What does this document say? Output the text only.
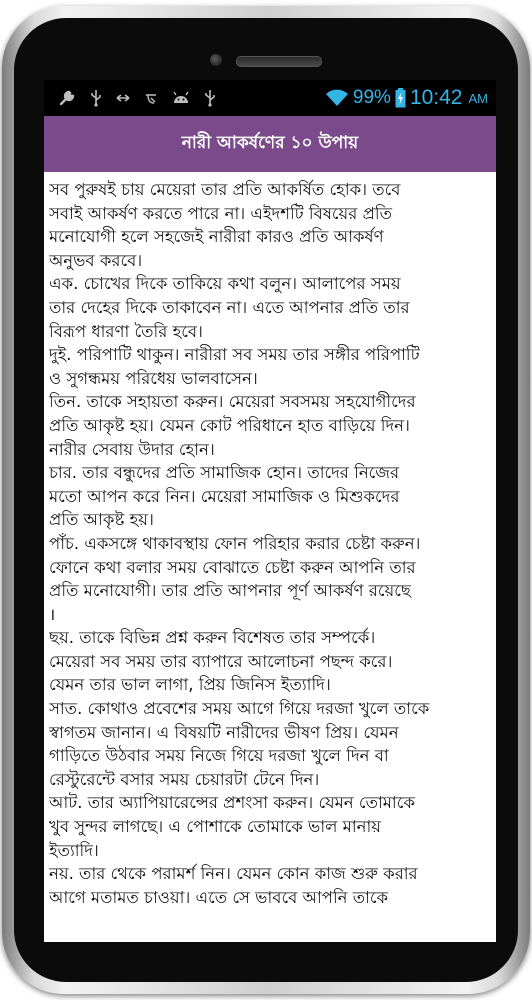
99% 10:42 AM
নারী আকর্ষণের ১০ উপায়
সব পুরুষই চায় মেয়েরা তার প্রতি আকর্ষিত হোক। তবে
সবাই আকর্ষণ করতে পারে না। এইদশটি বিষয়ের প্রতি
মনোযোগী হলে সহজেই নারীরা কারও প্রতি আকর্ষণ
অনুভব করবে।
এক. চোখের দিকে তাকিয়ে কথা বলুন। আলাপের সময়
তার দেহের দিকে তাকাবেন না। এতে আপনার প্রতি তার
বিরূপ ধারণা তৈরি হবে।
দুই. পরিপাটি থাকুন। নারীরা সব সময় তার সঙ্গীর পরিপাটি
ও সুগন্ধময় পরিধেয় ভালবাসেন।
তিন. তাকে সহায়তা করুন। মেয়েরা সবসময় সহযোগীদের
প্রতি আকৃষ্ট হয়। যেমন কোট পরিধানে হাত বাড়িয়ে দিন।
নারীর সেবায় উদার হোন।
চার. তার বন্ধুদের প্রতি সামাজিক হোন। তাদের নিজের
মতো আপন করে নিন। মেয়েরা সামাজিক ও মিশুকদের
প্রতি আকৃষ্ট হয়।
পাঁচ. একসঙ্গে থাকাবস্থায় ফোন পরিহার করার চেষ্টা করুন।
ফোনে কথা বলার সময় বোঝাতে চেষ্টা করুন আপনি তার
প্রতি মনোযোগী। তার প্রতি আপনার পূর্ণ আকর্ষণ রয়েছে
।
ছয়. তাকে বিভিন্ন প্রশ্ন করুন বিশেষত তার সম্পর্কে।
মেয়েরা সব সময় তার ব্যাপারে আলোচনা পছন্দ করে।
যেমন তার ভাল লাগা, প্রিয় জিনিস ইত্যাদি।
সাত. কোথাও প্রবেশের সময় আগে গিয়ে দরজা খুলে তাকে
স্বাগতম জানান। এ বিষয়টি নারীদের ভীষণ প্রিয়। যেমন
গাড়িতে উঠবার সময় নিজে গিয়ে দরজা খুলে দিন বা
রেস্টুরেন্টে বসার সময় চেয়ারটা টেনে দিন।
আট. তার অ্যাপিয়ারেন্সের প্রশংসা করুন। যেমন তোমাকে
খুব সুন্দর লাগছে। এ পোশাকে তোমাকে ভাল মানায়
ইত্যাদি।
নয়. তার থেকে পরামর্শ নিন। যেমন কোন কাজ শুরু করার
আগে মতামত চাওয়া। এতে সে ভাববে আপনি তাকে
